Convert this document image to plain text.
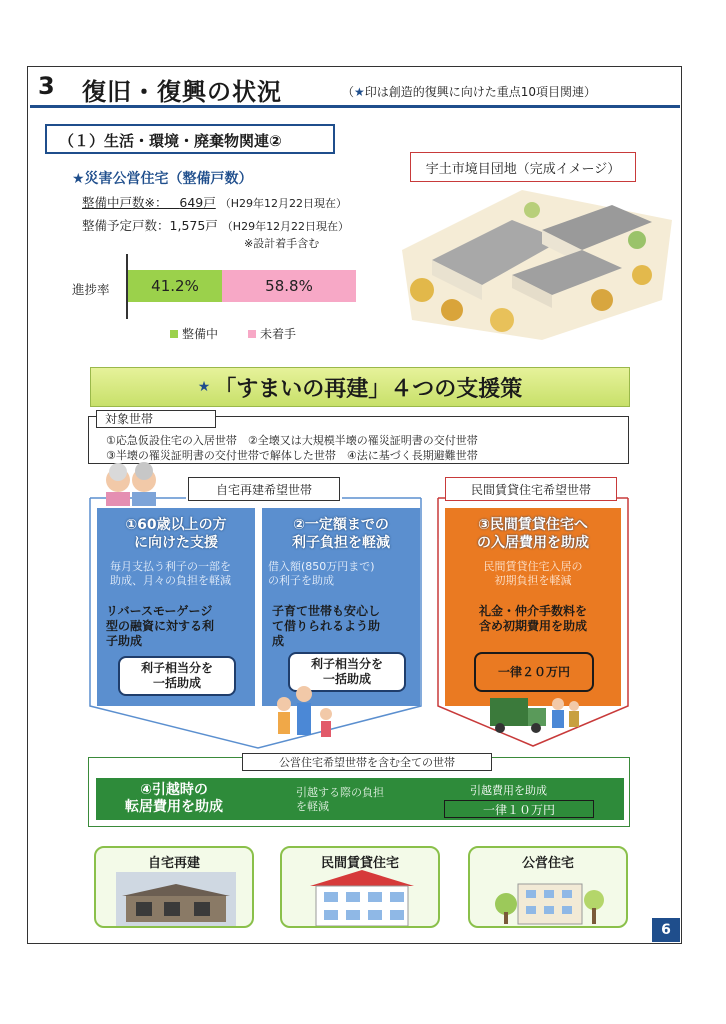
3 復旧・復興の状況	（★印は創造的復興に向けた重点10項目関連）
（１）生活・環境・廃棄物関連②
★災害公営住宅（整備戸数）
整備中戸数※： 649戸 （H29年12月22日現在）
整備予定戸数：1,575戸 （H29年12月22日現在）
※設計着手含む
進捗率	41.2%	58.8%
整備中	未着手
宇土市境目団地（完成イメージ）
★ 「すまいの再建」４つの支援策
対象世帯
①応急仮設住宅の入居世帯　②全壊又は大規模半壊の罹災証明書の交付世帯
③半壊の罹災証明書の交付世帯で解体した世帯　④法に基づく長期避難世帯
自宅再建希望世帯
①60歳以上の方
に向けた支援
毎月支払う利子の一部を
助成、月々の負担を軽減
リバースモーゲージ
型の融資に対する利
子助成
利子相当分を
一括助成
②一定額までの
利子負担を軽減
借入額(850万円まで)
の利子を助成
子育て世帯も安心し
て借りられるよう助
成
利子相当分を
一括助成
民間賃貸住宅希望世帯
③民間賃貸住宅へ
の入居費用を助成
民間賃貸住宅入居の
初期負担を軽減
礼金・仲介手数料を
含め初期費用を助成
一律２０万円
公営住宅希望世帯を含む全ての世帯
④引越時の
転居費用を助成
引越する際の負担
を軽減
引越費用を助成
一律１０万円
自宅再建	民間賃貸住宅	公営住宅
6
